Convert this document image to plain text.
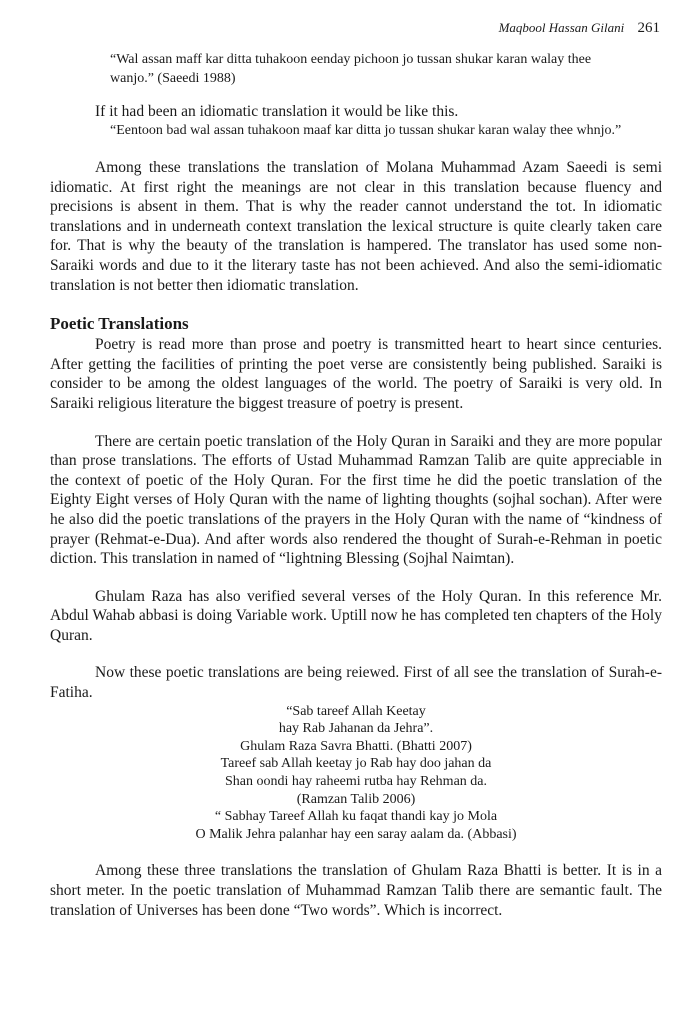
Maqbool Hassan Gilani 261
“Wal assan maff kar ditta tuhakoon eenday pichoon jo tussan shukar karan walay thee wanjo.” (Saeedi 1988)
If it had been an idiomatic translation it would be like this.
“Eentoon bad wal assan tuhakoon maaf kar ditta jo tussan shukar karan walay thee whnjo.”

Among these translations the translation of Molana Muhammad Azam Saeedi is semi idiomatic. At first right the meanings are not clear in this translation because fluency and precisions is absent in them. That is why the reader cannot understand the tot. In idiomatic translations and in underneath context translation the lexical structure is quite clearly taken care for. That is why the beauty of the translation is hampered. The translator has used some non-Saraiki words and due to it the literary taste has not been achieved. And also the semi-idiomatic translation is not better then idiomatic translation.

Poetic Translations

Poetry is read more than prose and poetry is transmitted heart to heart since centuries. After getting the facilities of printing the poet verse are consistently being published. Saraiki is consider to be among the oldest languages of the world. The poetry of Saraiki is very old. In Saraiki religious literature the biggest treasure of poetry is present.

There are certain poetic translation of the Holy Quran in Saraiki and they are more popular than prose translations. The efforts of Ustad Muhammad Ramzan Talib are quite appreciable in the context of poetic of the Holy Quran. For the first time he did the poetic translation of the Eighty Eight verses of Holy Quran with the name of lighting thoughts (sojhal sochan). After were he also did the poetic translations of the prayers in the Holy Quran with the name of “kindness of prayer (Rehmat-e-Dua). And after words also rendered the thought of Surah-e-Rehman in poetic diction. This translation in named of “lightning Blessing (Sojhal Naimtan).

Ghulam Raza has also verified several verses of the Holy Quran. In this reference Mr. Abdul Wahab abbasi is doing Variable work. Uptill now he has completed ten chapters of the Holy Quran.

Now these poetic translations are being reiewed. First of all see the translation of Surah-e-Fatiha.

“Sab tareef Allah Keetay
hay Rab Jahanan da Jehra”.
Ghulam Raza Savra Bhatti. (Bhatti 2007)
Tareef sab Allah keetay jo Rab hay doo jahan da
Shan oondi hay raheemi rutba hay Rehman da.
(Ramzan Talib 2006)
“ Sabhay Tareef Allah ku faqat thandi kay jo Mola
O Malik Jehra palanhar hay een saray aalam da. (Abbasi)

Among these three translations the translation of Ghulam Raza Bhatti is better. It is in a short meter. In the poetic translation of Muhammad Ramzan Talib there are semantic fault. The translation of Universes has been done “Two words”. Which is incorrect.
